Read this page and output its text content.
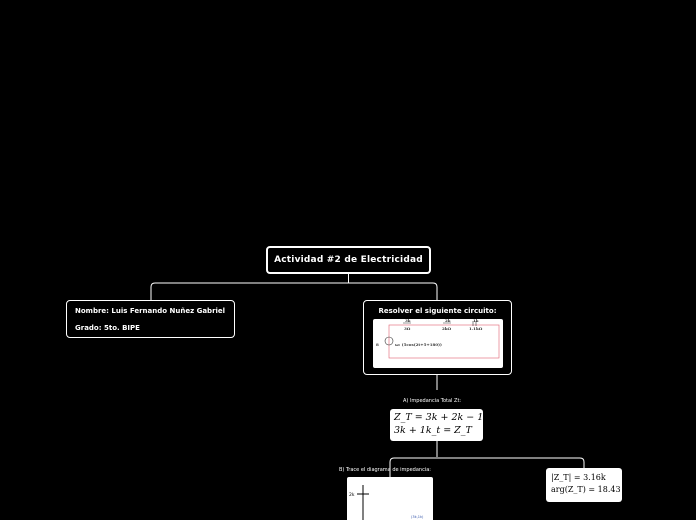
Actividad #2 de Electricidad
Nombre: Luis Fernando Nuñez Gabriel
Grado: 5to. BIPE
Resolver el siguiente circuito:
3k	2k	1k
3Ω	2kΩ	1.1kΩ
8	ω: (5cos(2t+5+180))
A) Impedancia Total Zt:
Z_T = 3k + 2k − 1k
3k + 1k_t = Z_T
B) Trace el diagrama de impedancia:
2k
(3k,1k)
|Z_T| = 3.16k
arg(Z_T) = 18.43
